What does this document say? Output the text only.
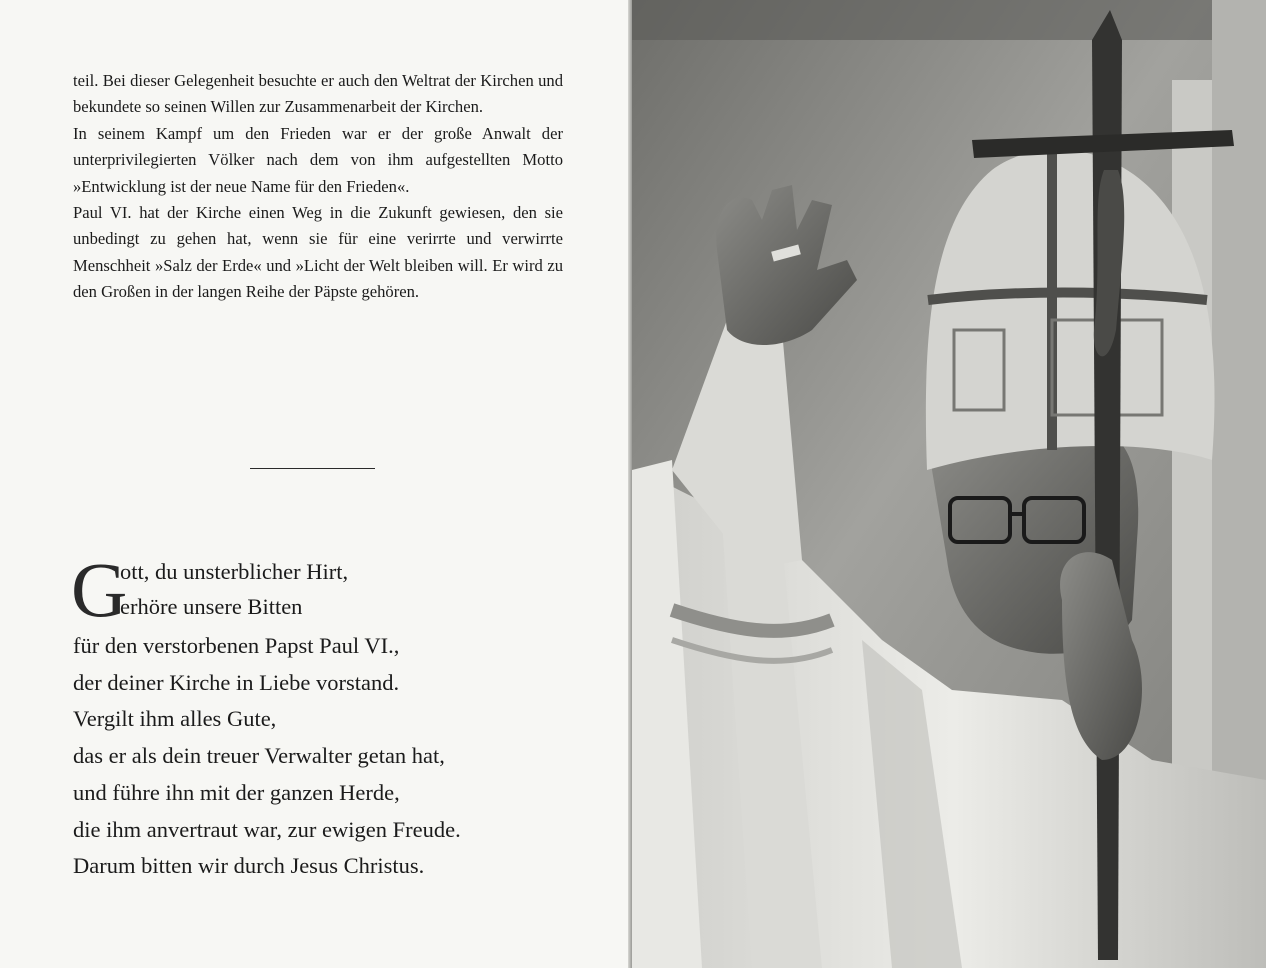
teil. Bei dieser Gelegenheit besuchte er auch den Weltrat der Kirchen und bekundete so seinen Willen zur Zusammenarbeit der Kirchen.

In seinem Kampf um den Frieden war er der große Anwalt der unterprivilegierten Völker nach dem von ihm aufgestellten Motto »Entwicklung ist der neue Name für den Frieden«.

Paul VI. hat der Kirche einen Weg in die Zukunft gewiesen, den sie unbedingt zu gehen hat, wenn sie für eine verirrte und verwirrte Menschheit »Salz der Erde« und »Licht der Welt bleiben will. Er wird zu den Großen in der langen Reihe der Päpste gehören.

G
ott, du unsterblicher Hirt,
erhöre unsere Bitten
für den verstorbenen Papst Paul VI.,
der deiner Kirche in Liebe vorstand.
Vergilt ihm alles Gute,
das er als dein treuer Verwalter getan hat,
und führe ihn mit der ganzen Herde,
die ihm anvertraut war, zur ewigen Freude.
Darum bitten wir durch Jesus Christus.
